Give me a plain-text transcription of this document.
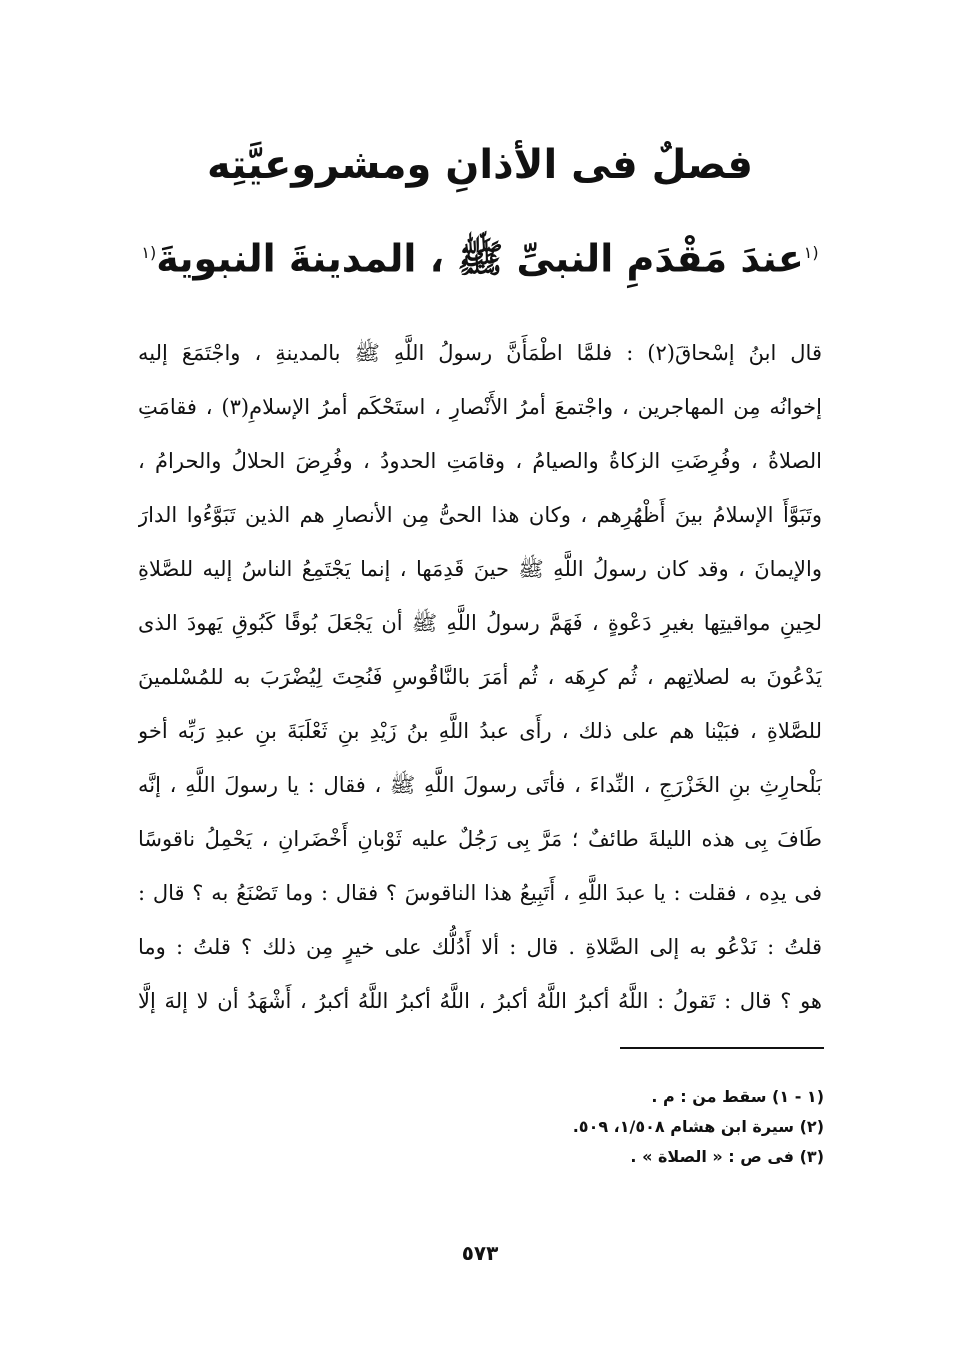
فصلٌ فى الأذانِ ومشروعيَّتِه
$^{(١}$عندَ مَقْدَمِ النبىِّ ﷺ ، المدينةَ النبويةَ$^{(١}$
قال ابنُ إسْحاقَ(٢) : فلمَّا اطْمَأَنَّ رسولُ اللَّهِ ﷺ بالمدينةِ ، واجْتَمَعَ إليه
إخوانُه مِن المهاجرين ، واجْتمعَ أمرُ الأَنْصارِ ، استَحْكَم أمرُ الإسلامِ(٣) ، فقامَتِ
الصلاةُ ، وفُرِضَتِ الزكاةُ والصيامُ ، وقامَتِ الحدودُ ، وفُرِضَ الحلالُ والحرامُ ،
وتَبَوَّأَ الإسلامُ بينَ أَظْهُرِهم ، وكان هذا الحىُّ مِن الأنصارِ هم الذين تَبَوَّءُوا الدارَ
والإيمانَ ، وقد كان رسولُ اللَّهِ ﷺ حينَ قَدِمَها ، إنما يَجْتَمِعُ الناسُ إليه للصَّلاةِ
لحِينِ مواقيتِها بغيرِ دَعْوةٍ ، فَهَمَّ رسولُ اللَّهِ ﷺ أن يَجْعَلَ بُوقًا كَبُوقِ يَهودَ الذى
يَدْعُونَ به لصلاتِهم ، ثُم كرِهَه ، ثُم أمَرَ بالنَّاقُوسِ فَنُحِتَ لِيُضْرَبَ به للمُسْلمينَ
للصَّلاةِ ، فبَيْنا هم على ذلك ، رأَى عبدُ اللَّهِ بنُ زَيْدِ بنِ ثَعْلَبَةَ بنِ عبدِ رَبِّه أخو
بَلْحارِثِ بنِ الخَزْرَجِ ، النِّداءَ ، فأتَى رسولَ اللَّهِ ﷺ ، فقال : يا رسولَ اللَّهِ ، إنَّه
طَافَ بِى هذه الليلةَ طائفٌ ؛ مَرَّ بِى رَجُلٌ عليه ثَوْبانِ أَخْضَرانِ ، يَحْمِلُ ناقوسًا
فى يدِه ، فقلت : يا عبدَ اللَّهِ ، أَتَبِيعُ هذا الناقوسَ ؟ فقال : وما تَصْنَعُ به ؟ قال :
قلتُ : نَدْعُو به إلى الصَّلاةِ . قال : ألا أَدُلُّك على خيرٍ مِن ذلك ؟ قلتُ : وما
هو ؟ قال : تَقولُ : اللَّهُ أكبرُ اللَّهُ أكبرُ ، اللَّهُ أكبرُ اللَّهُ أكبرُ ، أَشْهَدُ أن لا إلهَ إلَّا
(١ - ١) سقط من : م .
(٢) سيرة ابن هشام ١/٥٠٨، ٥٠٩.
(٣) فى ص : « الصلاة » .
٥٧٣
